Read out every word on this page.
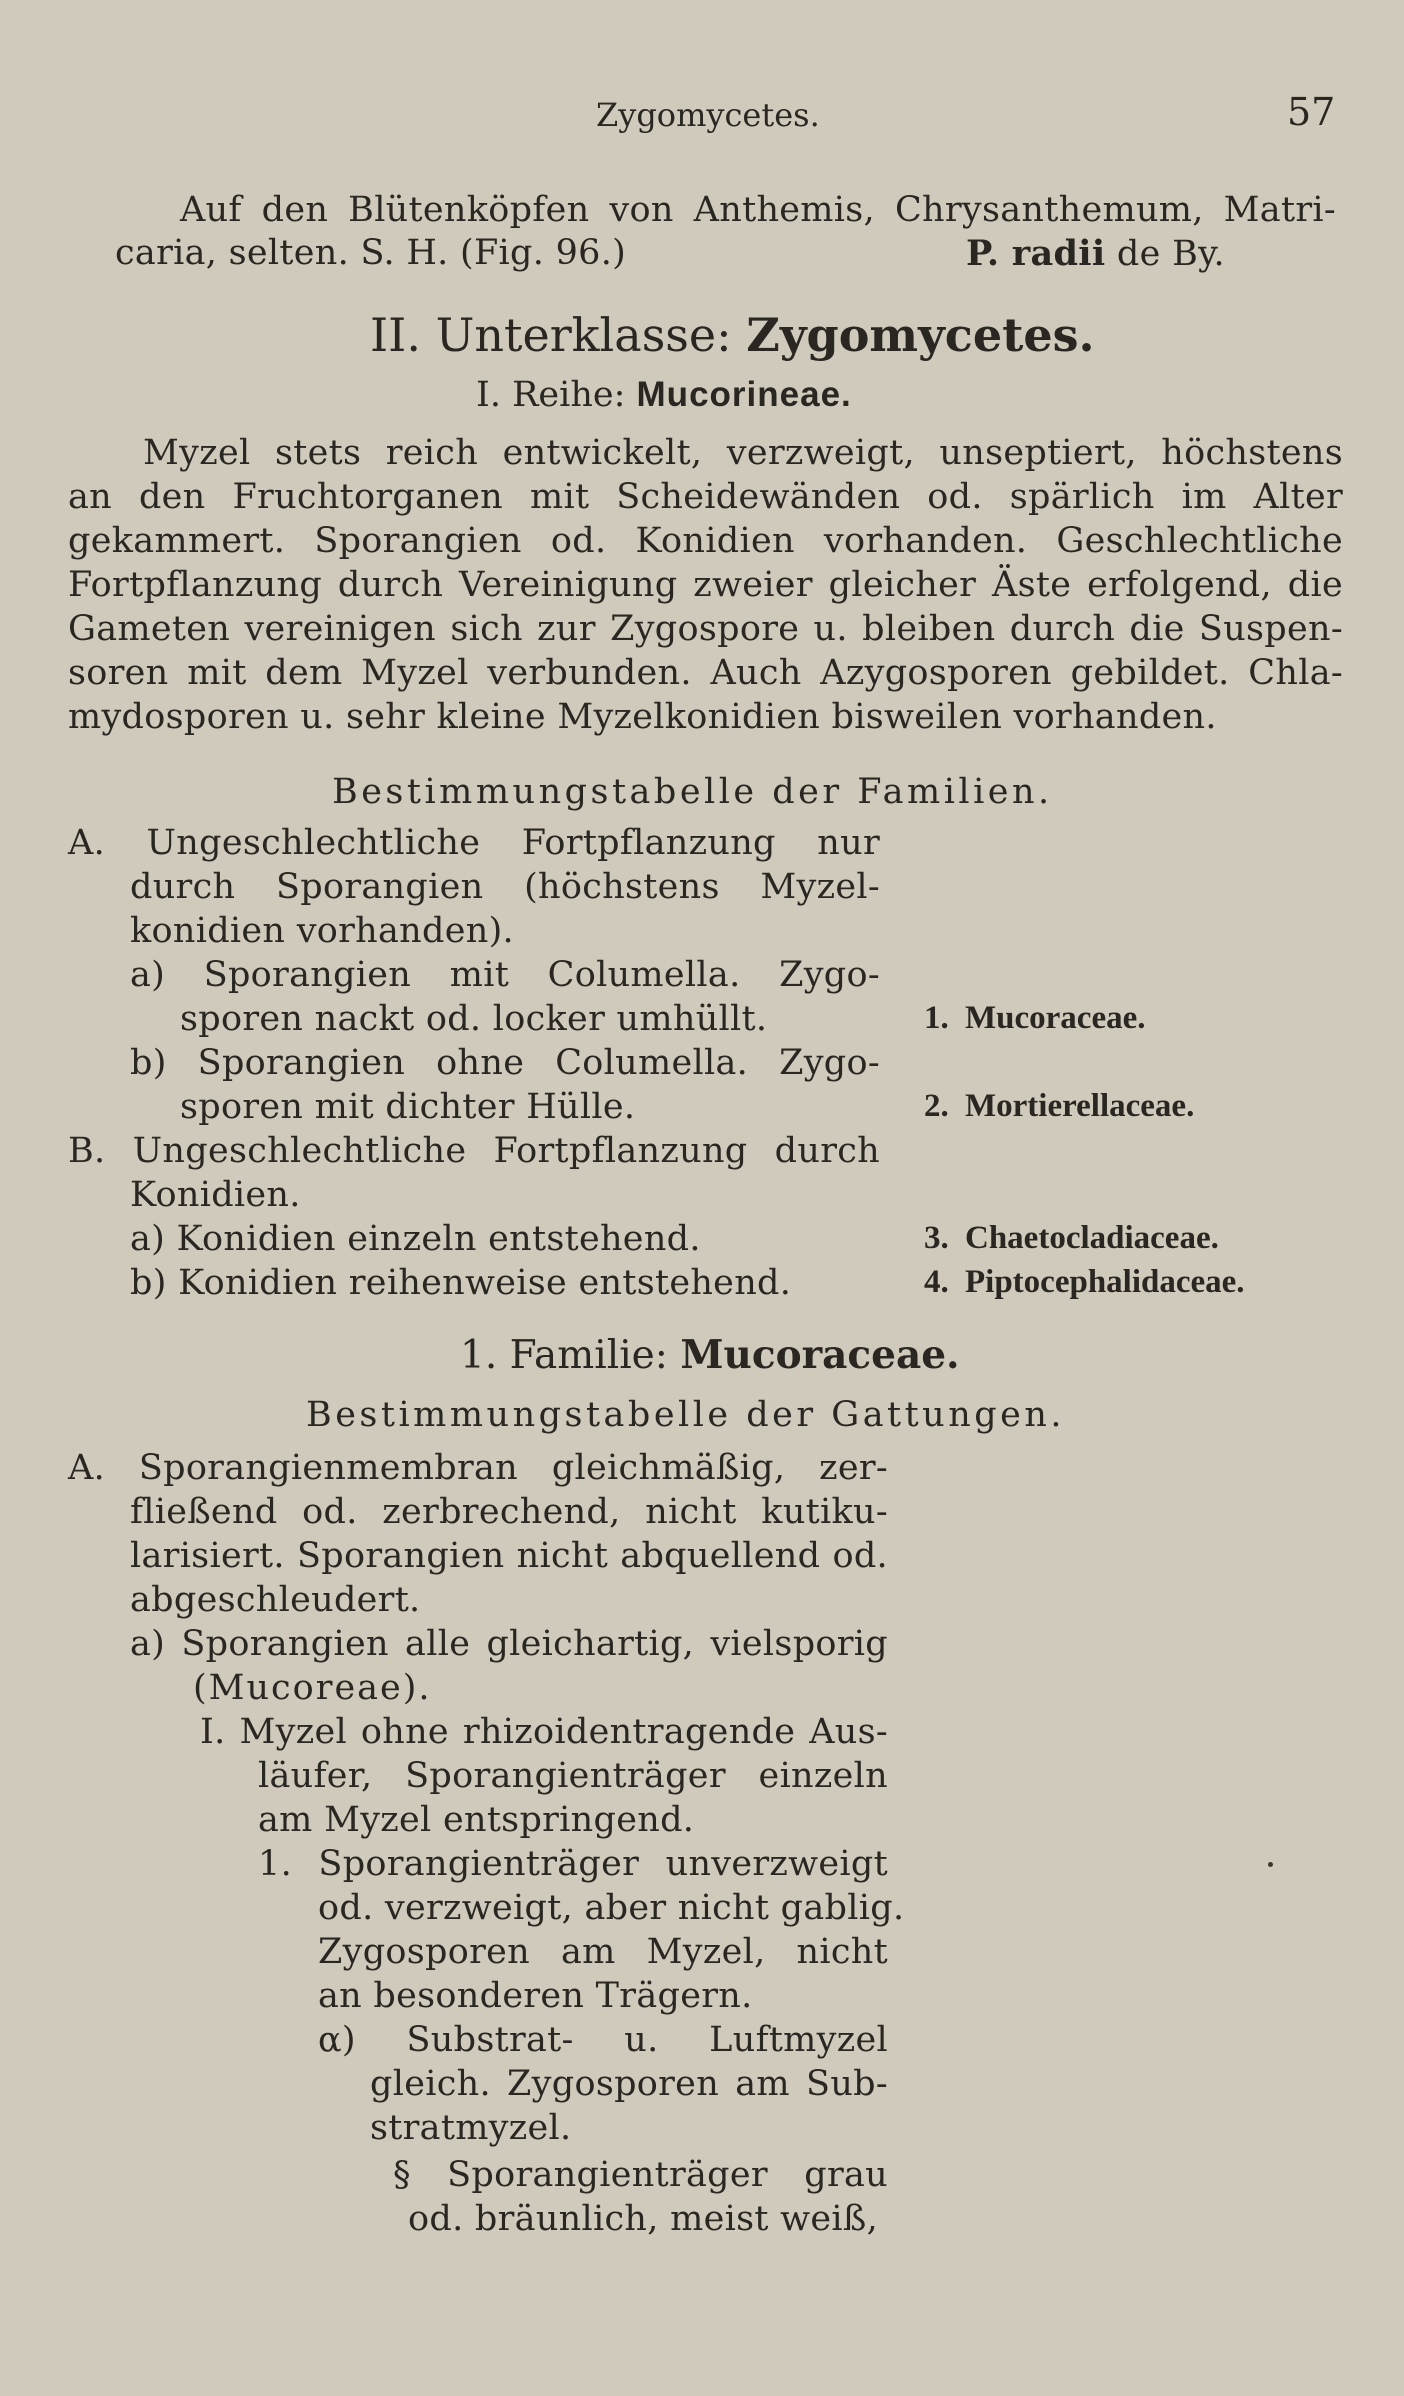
Zygomycetes.	57
Auf den Blütenköpfen von Anthemis, Chrysanthemum, Matri-
caria, selten. S. H. (Fig. 96.)	P. radii de By.
II. Unterklasse: Zygomycetes.
I. Reihe: Mucorineae.
Myzel stets reich entwickelt, verzweigt, unseptiert, höchstens
an den Fruchtorganen mit Scheidewänden od. spärlich im Alter
gekammert. Sporangien od. Konidien vorhanden. Geschlechtliche
Fortpflanzung durch Vereinigung zweier gleicher Äste erfolgend, die
Gameten vereinigen sich zur Zygospore u. bleiben durch die Suspen-
soren mit dem Myzel verbunden. Auch Azygosporen gebildet. Chla-
mydosporen u. sehr kleine Myzelkonidien bisweilen vorhanden.
Bestimmungstabelle der Familien.
A. Ungeschlechtliche Fortpflanzung nur
durch Sporangien (höchstens Myzel-
konidien vorhanden).
a) Sporangien mit Columella. Zygo-
sporen nackt od. locker umhüllt.
b) Sporangien ohne Columella. Zygo-
sporen mit dichter Hülle.
B. Ungeschlechtliche Fortpflanzung durch
Konidien.
a) Konidien einzeln entstehend.
b) Konidien reihenweise entstehend.
1. Mucoraceae.
2. Mortierellaceae.
3. Chaetocladiaceae.
4. Piptocephalidaceae.
1. Familie: Mucoraceae.
Bestimmungstabelle der Gattungen.
A. Sporangienmembran gleichmäßig, zer-
fließend od. zerbrechend, nicht kutiku-
larisiert. Sporangien nicht abquellend od.
abgeschleudert.
a) Sporangien alle gleichartig, vielsporig
(Mucoreae).
I. Myzel ohne rhizoidentragende Aus-
läufer, Sporangienträger einzeln
am Myzel entspringend.
1. Sporangienträger unverzweigt
od. verzweigt, aber nicht gablig.
Zygosporen am Myzel, nicht
an besonderen Trägern.
α) Substrat- u. Luftmyzel
gleich. Zygosporen am Sub-
stratmyzel.
§ Sporangienträger grau
od. bräunlich, meist weiß,
